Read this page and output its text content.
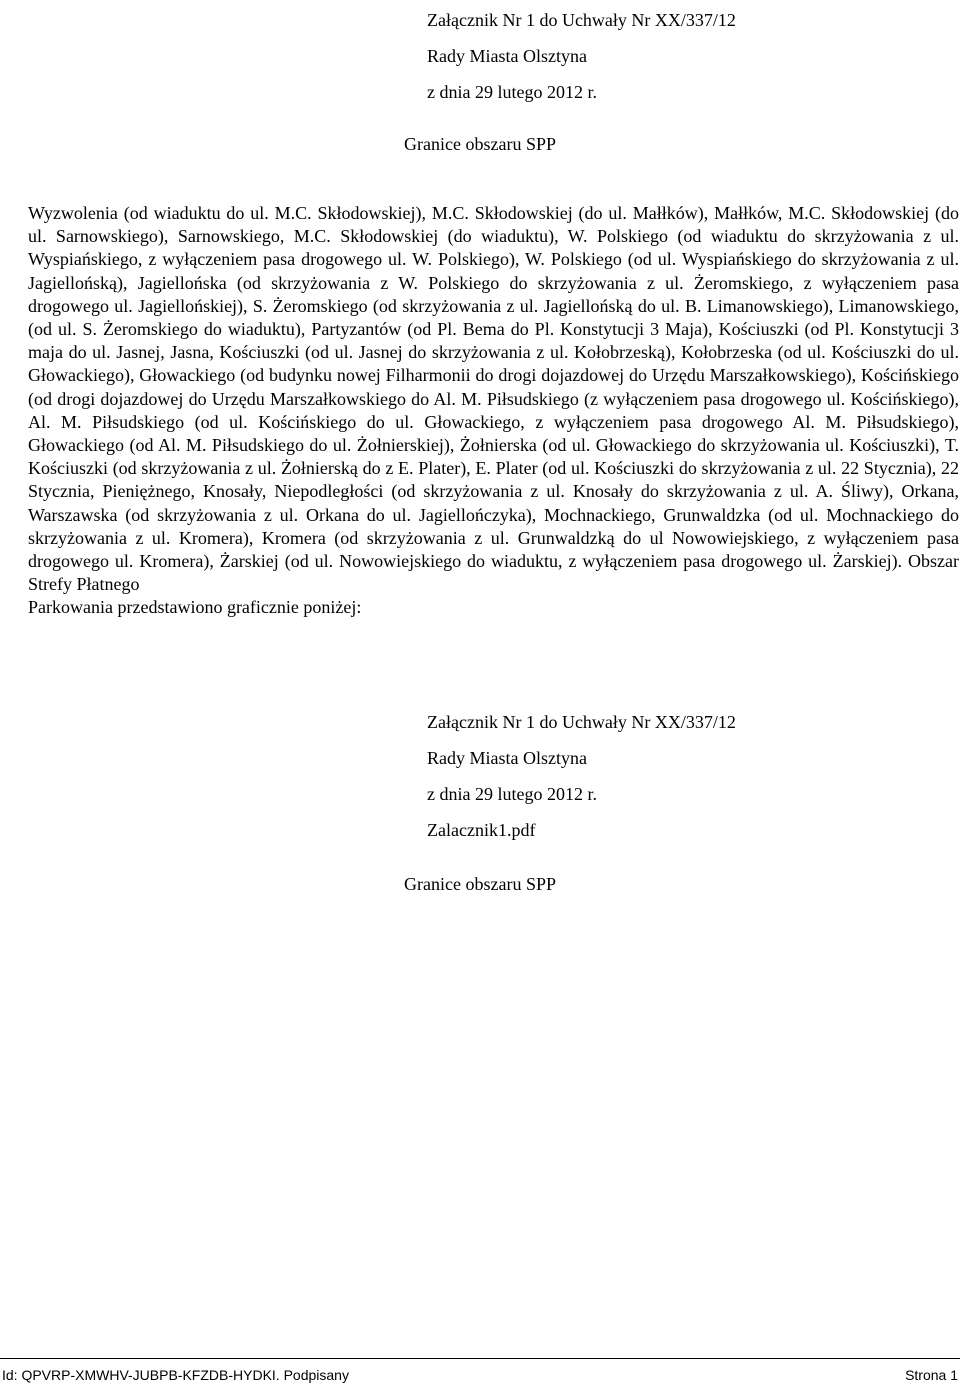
Załącznik Nr 1 do Uchwały Nr XX/337/12
Rady Miasta Olsztyna
z dnia 29 lutego 2012 r.
Granice obszaru SPP
Wyzwolenia (od wiaduktu do ul. M.C. Skłodowskiej), M.C. Skłodowskiej (do ul. Małłków), Małłków, M.C. Skłodowskiej (do ul. Sarnowskiego), Sarnowskiego, M.C. Skłodowskiej (do wiaduktu), W. Polskiego (od wiaduktu do skrzyżowania z ul. Wyspiańskiego, z wyłączeniem pasa drogowego ul. W. Polskiego), W. Polskiego (od ul. Wyspiańskiego do skrzyżowania z ul. Jagiellońską), Jagiellońska (od skrzyżowania z W. Polskiego do skrzyżowania z ul. Żeromskiego, z wyłączeniem pasa drogowego ul. Jagiellońskiej), S. Żeromskiego (od skrzyżowania z ul. Jagiellońską do ul. B. Limanowskiego), Limanowskiego, (od ul. S. Żeromskiego do wiaduktu), Partyzantów (od Pl. Bema do Pl. Konstytucji 3 Maja), Kościuszki (od Pl. Konstytucji 3 maja do ul. Jasnej, Jasna, Kościuszki (od ul. Jasnej do skrzyżowania z ul. Kołobrzeską), Kołobrzeska (od ul. Kościuszki do ul. Głowackiego), Głowackiego (od budynku nowej Filharmonii do drogi dojazdowej do Urzędu Marszałkowskiego), Kościńskiego (od drogi dojazdowej do Urzędu Marszałkowskiego do Al. M. Piłsudskiego (z wyłączeniem pasa drogowego ul. Kościńskiego), Al. M. Piłsudskiego (od ul. Kościńskiego do ul. Głowackiego, z wyłączeniem pasa drogowego Al. M. Piłsudskiego), Głowackiego (od Al. M. Piłsudskiego do ul. Żołnierskiej), Żołnierska (od ul. Głowackiego do skrzyżowania ul. Kościuszki), T. Kościuszki (od skrzyżowania z ul. Żołnierską do z E. Plater), E. Plater (od ul. Kościuszki do skrzyżowania z ul. 22 Stycznia), 22 Stycznia, Pieniężnego, Knosały, Niepodległości (od skrzyżowania z ul. Knosały do skrzyżowania z ul. A. Śliwy), Orkana, Warszawska (od skrzyżowania z ul. Orkana do ul. Jagiellończyka), Mochnackiego, Grunwaldzka (od ul. Mochnackiego do skrzyżowania z ul. Kromera), Kromera (od skrzyżowania z ul. Grunwaldzką do ul Nowowiejskiego, z wyłączeniem pasa drogowego ul. Kromera), Żarskiej (od ul. Nowowiejskiego do wiaduktu, z wyłączeniem pasa drogowego ul. Żarskiej). Obszar Strefy Płatnego
Parkowania przedstawiono graficznie poniżej:
Załącznik Nr 1 do Uchwały Nr XX/337/12
Rady Miasta Olsztyna
z dnia 29 lutego 2012 r.
Zalacznik1.pdf
Granice obszaru SPP
Id: QPVRP-XMWHV-JUBPB-KFZDB-HYDKI. Podpisany	Strona 1
